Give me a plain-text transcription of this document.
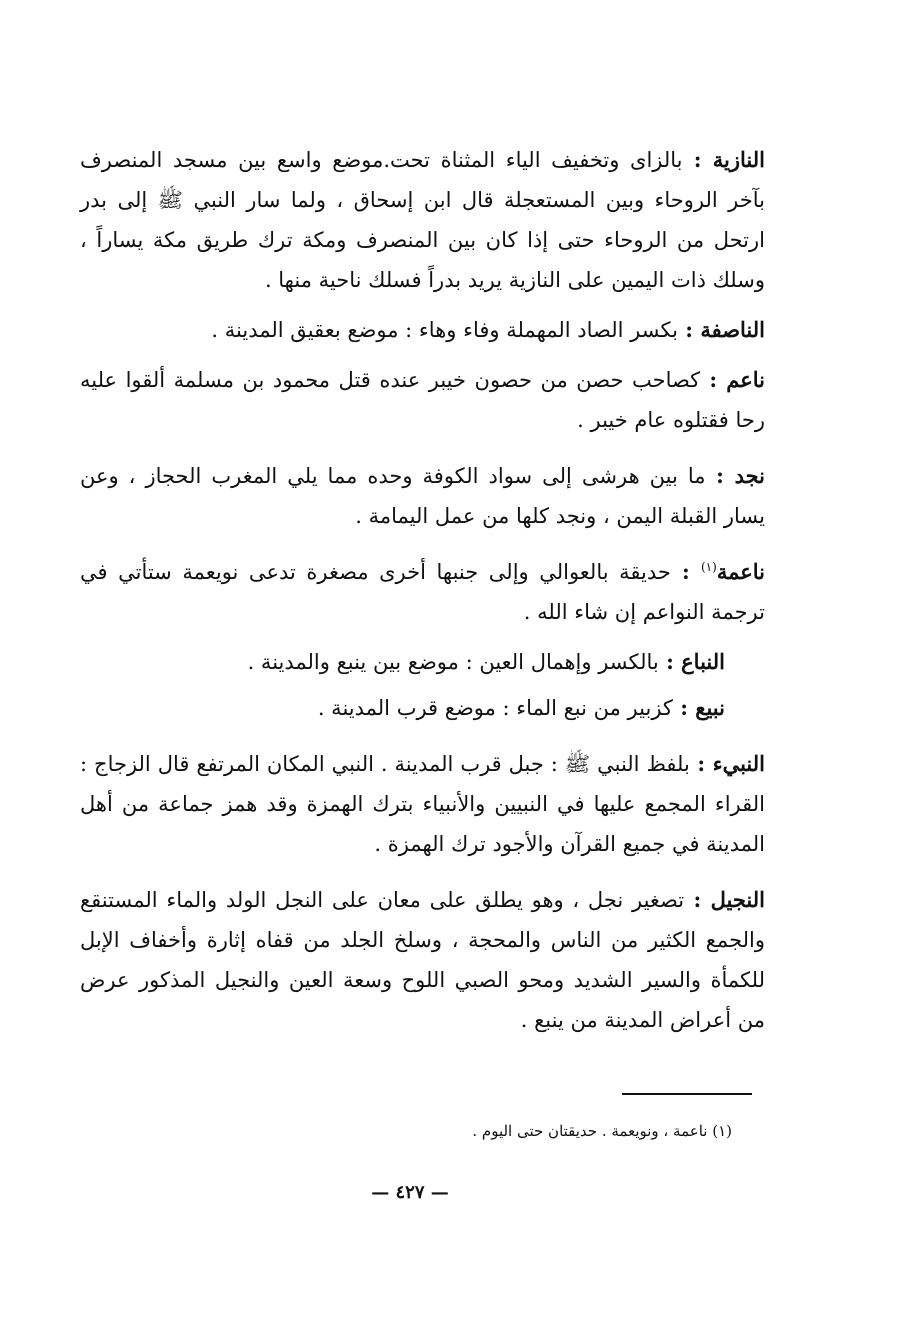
النازية : بالزاى وتخفيف الياء المثناة تحت.موضع واسع بين مسجد المنصرف بآخر الروحاء وبين المستعجلة قال ابن إسحاق ، ولما سار النبي ﷺ إلى بدر ارتحل من الروحاء حتى إذا كان بين المنصرف ومكة ترك طريق مكة يساراً ، وسلك ذات اليمين على النازية يريد بدراً فسلك ناحية منها .

الناصفة : بكسر الصاد المهملة وفاء وهاء : موضع بعقيق المدينة .

ناعم : كصاحب حصن من حصون خيبر عنده قتل محمود بن مسلمة ألقوا عليه رحا فقتلوه عام خيبر .

نجد : ما بين هرشى إلى سواد الكوفة وحده مما يلي المغرب الحجاز ، وعن يسار القبلة اليمن ، ونجد كلها من عمل اليمامة .

ناعمة$^{(١)}$ : حديقة بالعوالي وإلى جنبها أخرى مصغرة تدعى نويعمة ستأتي في ترجمة النواعم إن شاء الله .

النباع : بالكسر وإهمال العين : موضع بين ينبع والمدينة .

نبيع : كزبير من نبع الماء : موضع قرب المدينة .

النبيء : بلفظ النبي ﷺ : جبل قرب المدينة . النبي المكان المرتفع قال الزجاج : القراء المجمع عليها في النبيين والأنبياء بترك الهمزة وقد همز جماعة من أهل المدينة في جميع القرآن والأجود ترك الهمزة .

النجيل : تصغير نجل ، وهو يطلق على معان على النجل الولد والماء المستنقع والجمع الكثير من الناس والمحجة ، وسلخ الجلد من قفاه إثارة وأخفاف الإبل للكمأة والسير الشديد ومحو الصبي اللوح وسعة العين والنجيل المذكور عرض من أعراض المدينة من ينبع .

(١) ناعمة ، ونويعمة . حديقتان حتى اليوم .
— ٤٢٧ —
